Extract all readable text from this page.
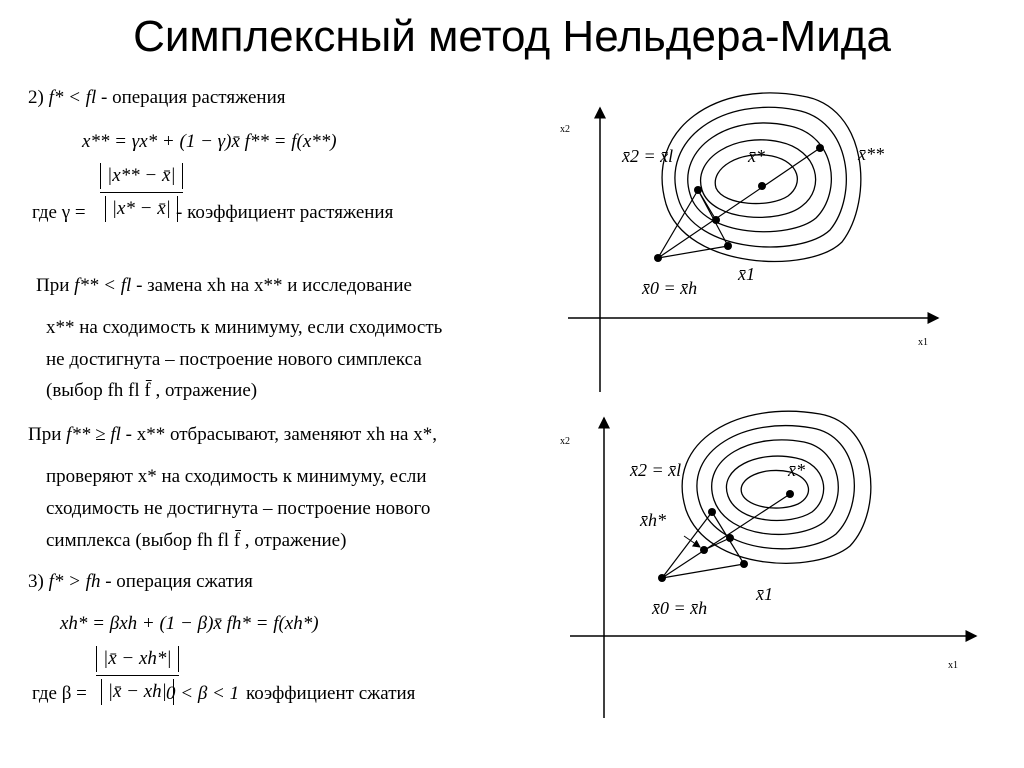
Симплексный метод Нельдера-Мида
2) f* < fl - операция растяжения
x** = γx* + (1 − γ)x̄ f** = f(x**)
где γ =
|x** − x̄|
|x* − x̄| - коэффициент растяжения
При f** < fl - замена xh на x** и исследование
x** на сходимость к минимуму, если сходимость
не достигнута – построение нового симплекса
(выбор fh fl f̄ , отражение)
При f** ≥ fl - x** отбрасывают, заменяют xh на x*,
проверяют x* на сходимость к минимуму, если
сходимость не достигнута – построение нового
симплекса (выбор fh fl f̄ , отражение)
3) f* > fh - операция сжатия
xh* = βxh + (1 − β)x̄ fh* = f(xh*)
где β =
|x̄ − xh*|
|x̄ − xh| 0 < β < 1 коэффициент сжатия
x2
x1
x̄2 = x̄l	x̄*	x̄**
x̄1
x̄0 = x̄h
x2
x1
x̄2 = x̄l	x̄*
x̄h*
x̄1
x̄0 = x̄h
